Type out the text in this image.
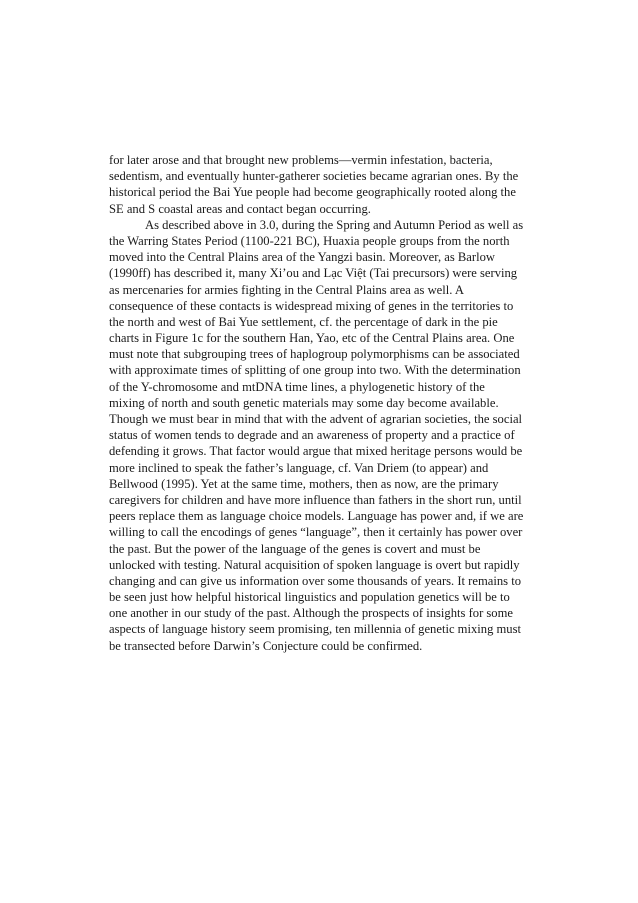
for later arose and that brought new problems—vermin infestation, bacteria,
sedentism, and eventually hunter-gatherer societies became agrarian ones. By the
historical period the Bai Yue people had become geographically rooted along the
SE and S coastal areas and contact began occurring.
As described above in 3.0, during the Spring and Autumn Period as well as
the Warring States Period (1100-221 BC), Huaxia people groups from the north
moved into the Central Plains area of the Yangzi basin. Moreover, as Barlow
(1990ff) has described it, many Xi’ou and Lạc Việt (Tai precursors) were serving
as mercenaries for armies fighting in the Central Plains area as well. A
consequence of these contacts is widespread mixing of genes in the territories to
the north and west of Bai Yue settlement, cf. the percentage of dark in the pie
charts in Figure 1c for the southern Han, Yao, etc of the Central Plains area. One
must note that subgrouping trees of haplogroup polymorphisms can be associated
with approximate times of splitting of one group into two. With the determination
of the Y-chromosome and mtDNA time lines, a phylogenetic history of the
mixing of north and south genetic materials may some day become available.
Though we must bear in mind that with the advent of agrarian societies, the social
status of women tends to degrade and an awareness of property and a practice of
defending it grows. That factor would argue that mixed heritage persons would be
more inclined to speak the father’s language, cf. Van Driem (to appear) and
Bellwood (1995). Yet at the same time, mothers, then as now, are the primary
caregivers for children and have more influence than fathers in the short run, until
peers replace them as language choice models. Language has power and, if we are
willing to call the encodings of genes “language”, then it certainly has power over
the past. But the power of the language of the genes is covert and must be
unlocked with testing. Natural acquisition of spoken language is overt but rapidly
changing and can give us information over some thousands of years. It remains to
be seen just how helpful historical linguistics and population genetics will be to
one another in our study of the past. Although the prospects of insights for some
aspects of language history seem promising, ten millennia of genetic mixing must
be transected before Darwin’s Conjecture could be confirmed.
